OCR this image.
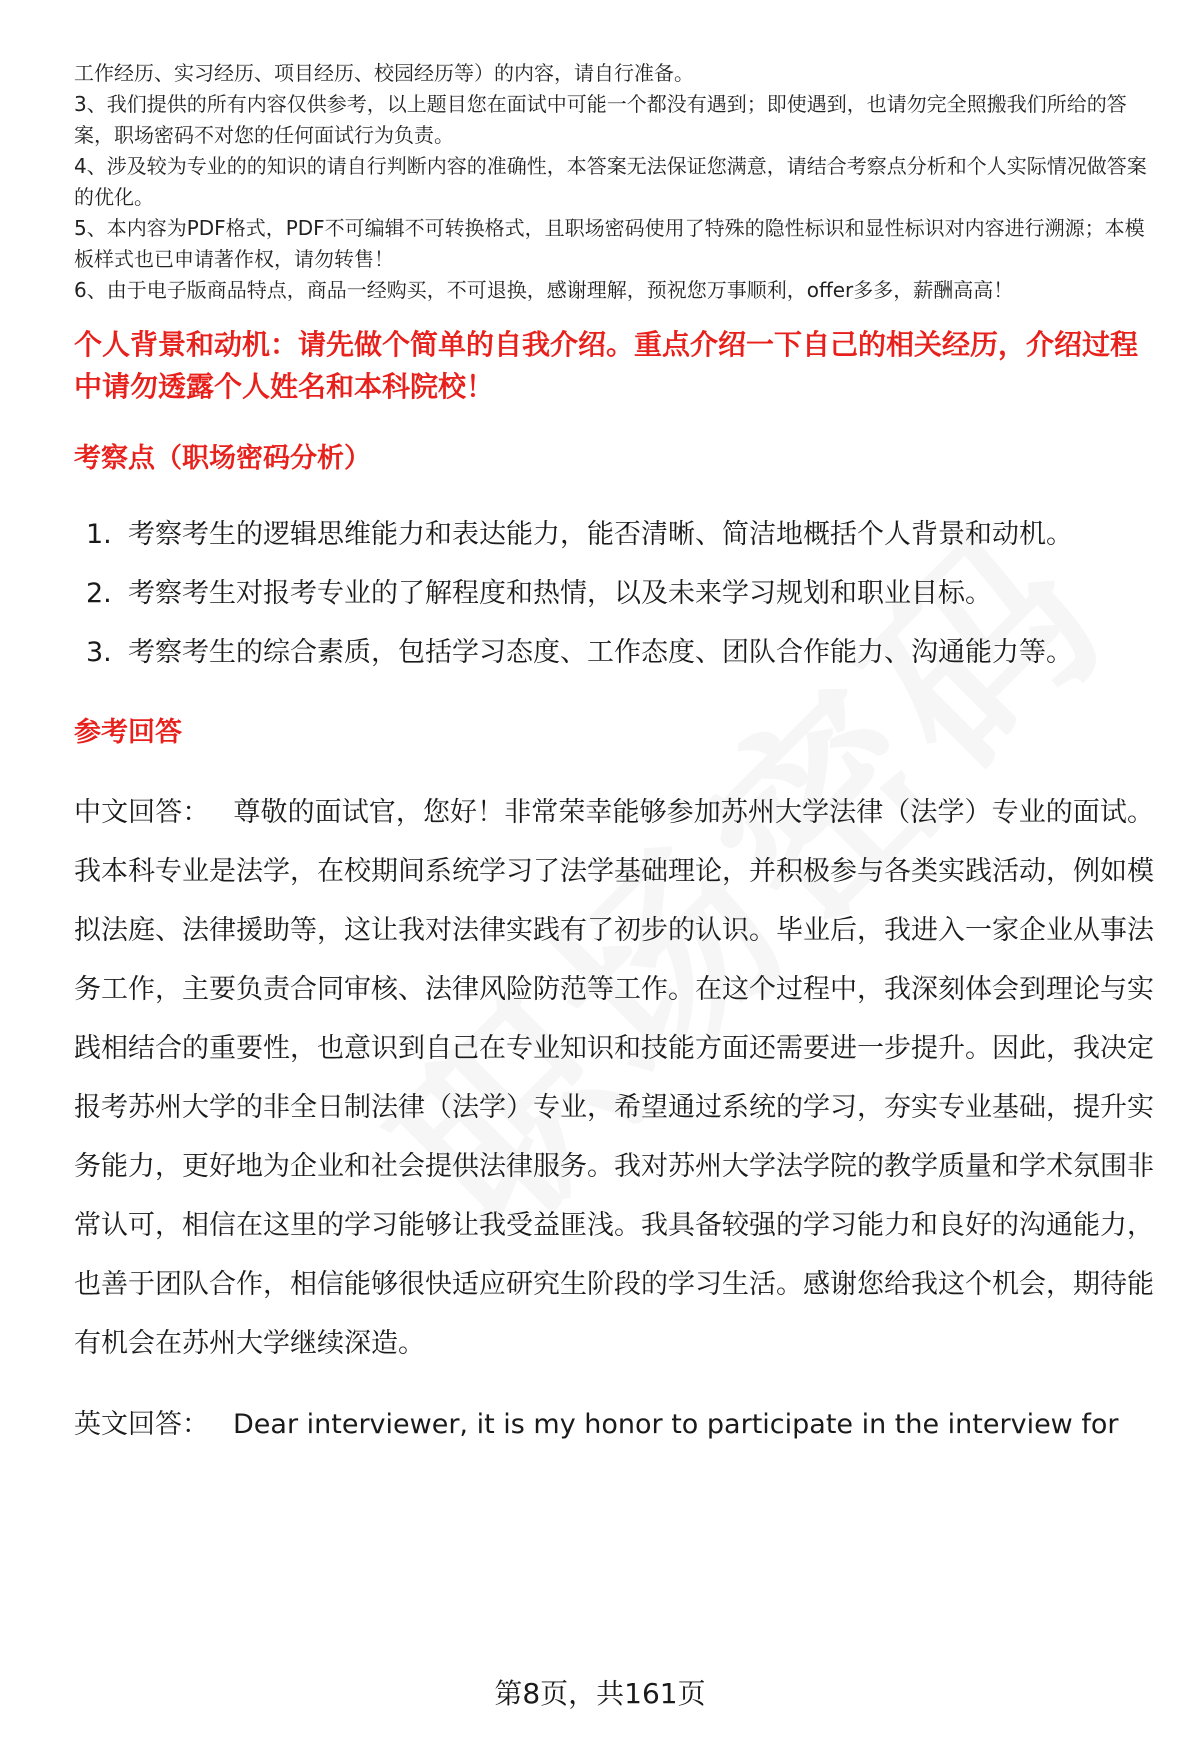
工作经历、实习经历、项目经历、校园经历等）的内容，请自行准备。

3、我们提供的所有内容仅供参考，以上题目您在面试中可能一个都没有遇到；即使遇到，也请勿完全照搬我们所给的答案，职场密码不对您的任何面试行为负责。

4、涉及较为专业的的知识的请自行判断内容的准确性，本答案无法保证您满意，请结合考察点分析和个人实际情况做答案的优化。

5、本内容为PDF格式，PDF不可编辑不可转换格式，且职场密码使用了特殊的隐性标识和显性标识对内容进行溯源；本模板样式也已申请著作权，请勿转售！

6、由于电子版商品特点，商品一经购买，不可退换，感谢理解，预祝您万事顺利，offer多多，薪酬高高！

个人背景和动机：请先做个简单的自我介绍。重点介绍一下自己的相关经历，介绍过程中请勿透露个人姓名和本科院校！
考察点（职场密码分析）
1. 考察考生的逻辑思维能力和表达能力，能否清晰、简洁地概括个人背景和动机。
2. 考察考生对报考专业的了解程度和热情，以及未来学习规划和职业目标。
3. 考察考生的综合素质，包括学习态度、工作态度、团队合作能力、沟通能力等。
参考回答
中文回答： 尊敬的面试官，您好！非常荣幸能够参加苏州大学法律（法学）专业的面试。我本科专业是法学，在校期间系统学习了法学基础理论，并积极参与各类实践活动，例如模拟法庭、法律援助等，这让我对法律实践有了初步的认识。毕业后，我进入一家企业从事法务工作，主要负责合同审核、法律风险防范等工作。在这个过程中，我深刻体会到理论与实践相结合的重要性，也意识到自己在专业知识和技能方面还需要进一步提升。因此，我决定报考苏州大学的非全日制法律（法学）专业，希望通过系统的学习，夯实专业基础，提升实务能力，更好地为企业和社会提供法律服务。我对苏州大学法学院的教学质量和学术氛围非常认可，相信在这里的学习能够让我受益匪浅。我具备较强的学习能力和良好的沟通能力，也善于团队合作，相信能够很快适应研究生阶段的学习生活。感谢您给我这个机会，期待能有机会在苏州大学继续深造。
英文回答： Dear interviewer, it is my honor to participate in the interview for
第8页，共161页
